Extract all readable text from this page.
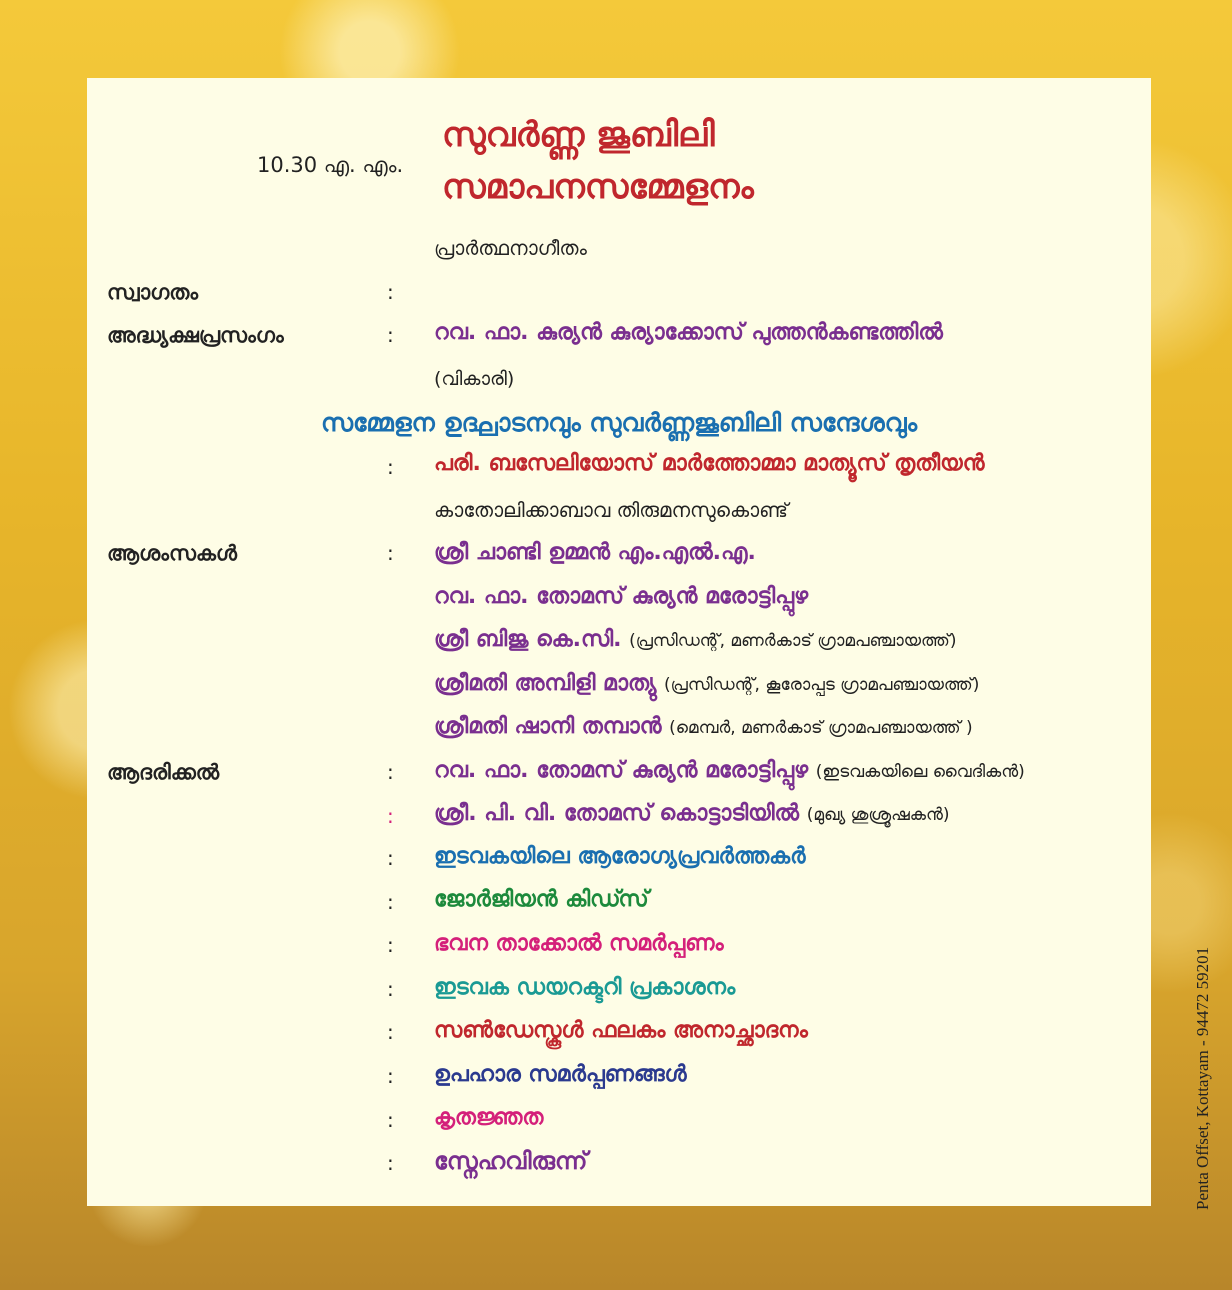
10.30 എ. എം.
സുവർണ്ണ ജൂബിലി
സമാപനസമ്മേളനം
പ്രാർത്ഥനാഗീതം
സ്വാഗതം	:
അദ്ധ്യക്ഷപ്രസംഗം	: റവ. ഫാ. കുര്യൻ കുര്യാക്കോസ് പുത്തൻകണ്ടത്തിൽ
(വികാരി)
സമ്മേളന ഉദ്ഘാടനവും സുവർണ്ണജൂബിലി സന്ദേശവും
: പരി. ബസേലിയോസ് മാർത്തോമ്മാ മാത്യൂസ് തൃതീയൻ
കാതോലിക്കാബാവ തിരുമനസുകൊണ്ട്
ആശംസകൾ	: ശ്രീ ചാണ്ടി ഉമ്മൻ എം.എൽ.എ.
റവ. ഫാ. തോമസ് കുര്യൻ മരോട്ടിപ്പുഴ
ശ്രീ ബിജു കെ.സി. (പ്രസിഡന്റ്, മണർകാട് ഗ്രാമപഞ്ചായത്ത്)
ശ്രീമതി അമ്പിളി മാത്യു (പ്രസിഡന്റ്, കൂരോപ്പട ഗ്രാമപഞ്ചായത്ത്)
ശ്രീമതി ഷാനി തമ്പാൻ (മെമ്പർ, മണർകാട് ഗ്രാമപഞ്ചായത്ത് )
ആദരിക്കൽ	: റവ. ഫാ. തോമസ് കുര്യൻ മരോട്ടിപ്പുഴ (ഇടവകയിലെ വൈദികൻ)
: ശ്രീ. പി. വി. തോമസ് കൊട്ടാടിയിൽ (മുഖ്യ ശുശ്രൂഷകൻ)
: ഇടവകയിലെ ആരോഗ്യപ്രവർത്തകർ
: ജോർജിയൻ കിഡ്സ്
: ഭവന താക്കോൽ സമർപ്പണം
: ഇടവക ഡയറക്ടറി പ്രകാശനം
: സൺഡേസ്കൂൾ ഫലകം അനാച്ഛാദനം
: ഉപഹാര സമർപ്പണങ്ങൾ
: കൃതജ്ഞത
: സ്നേഹവിരുന്ന്	Penta Offset, Kottayam - 94472 59201
